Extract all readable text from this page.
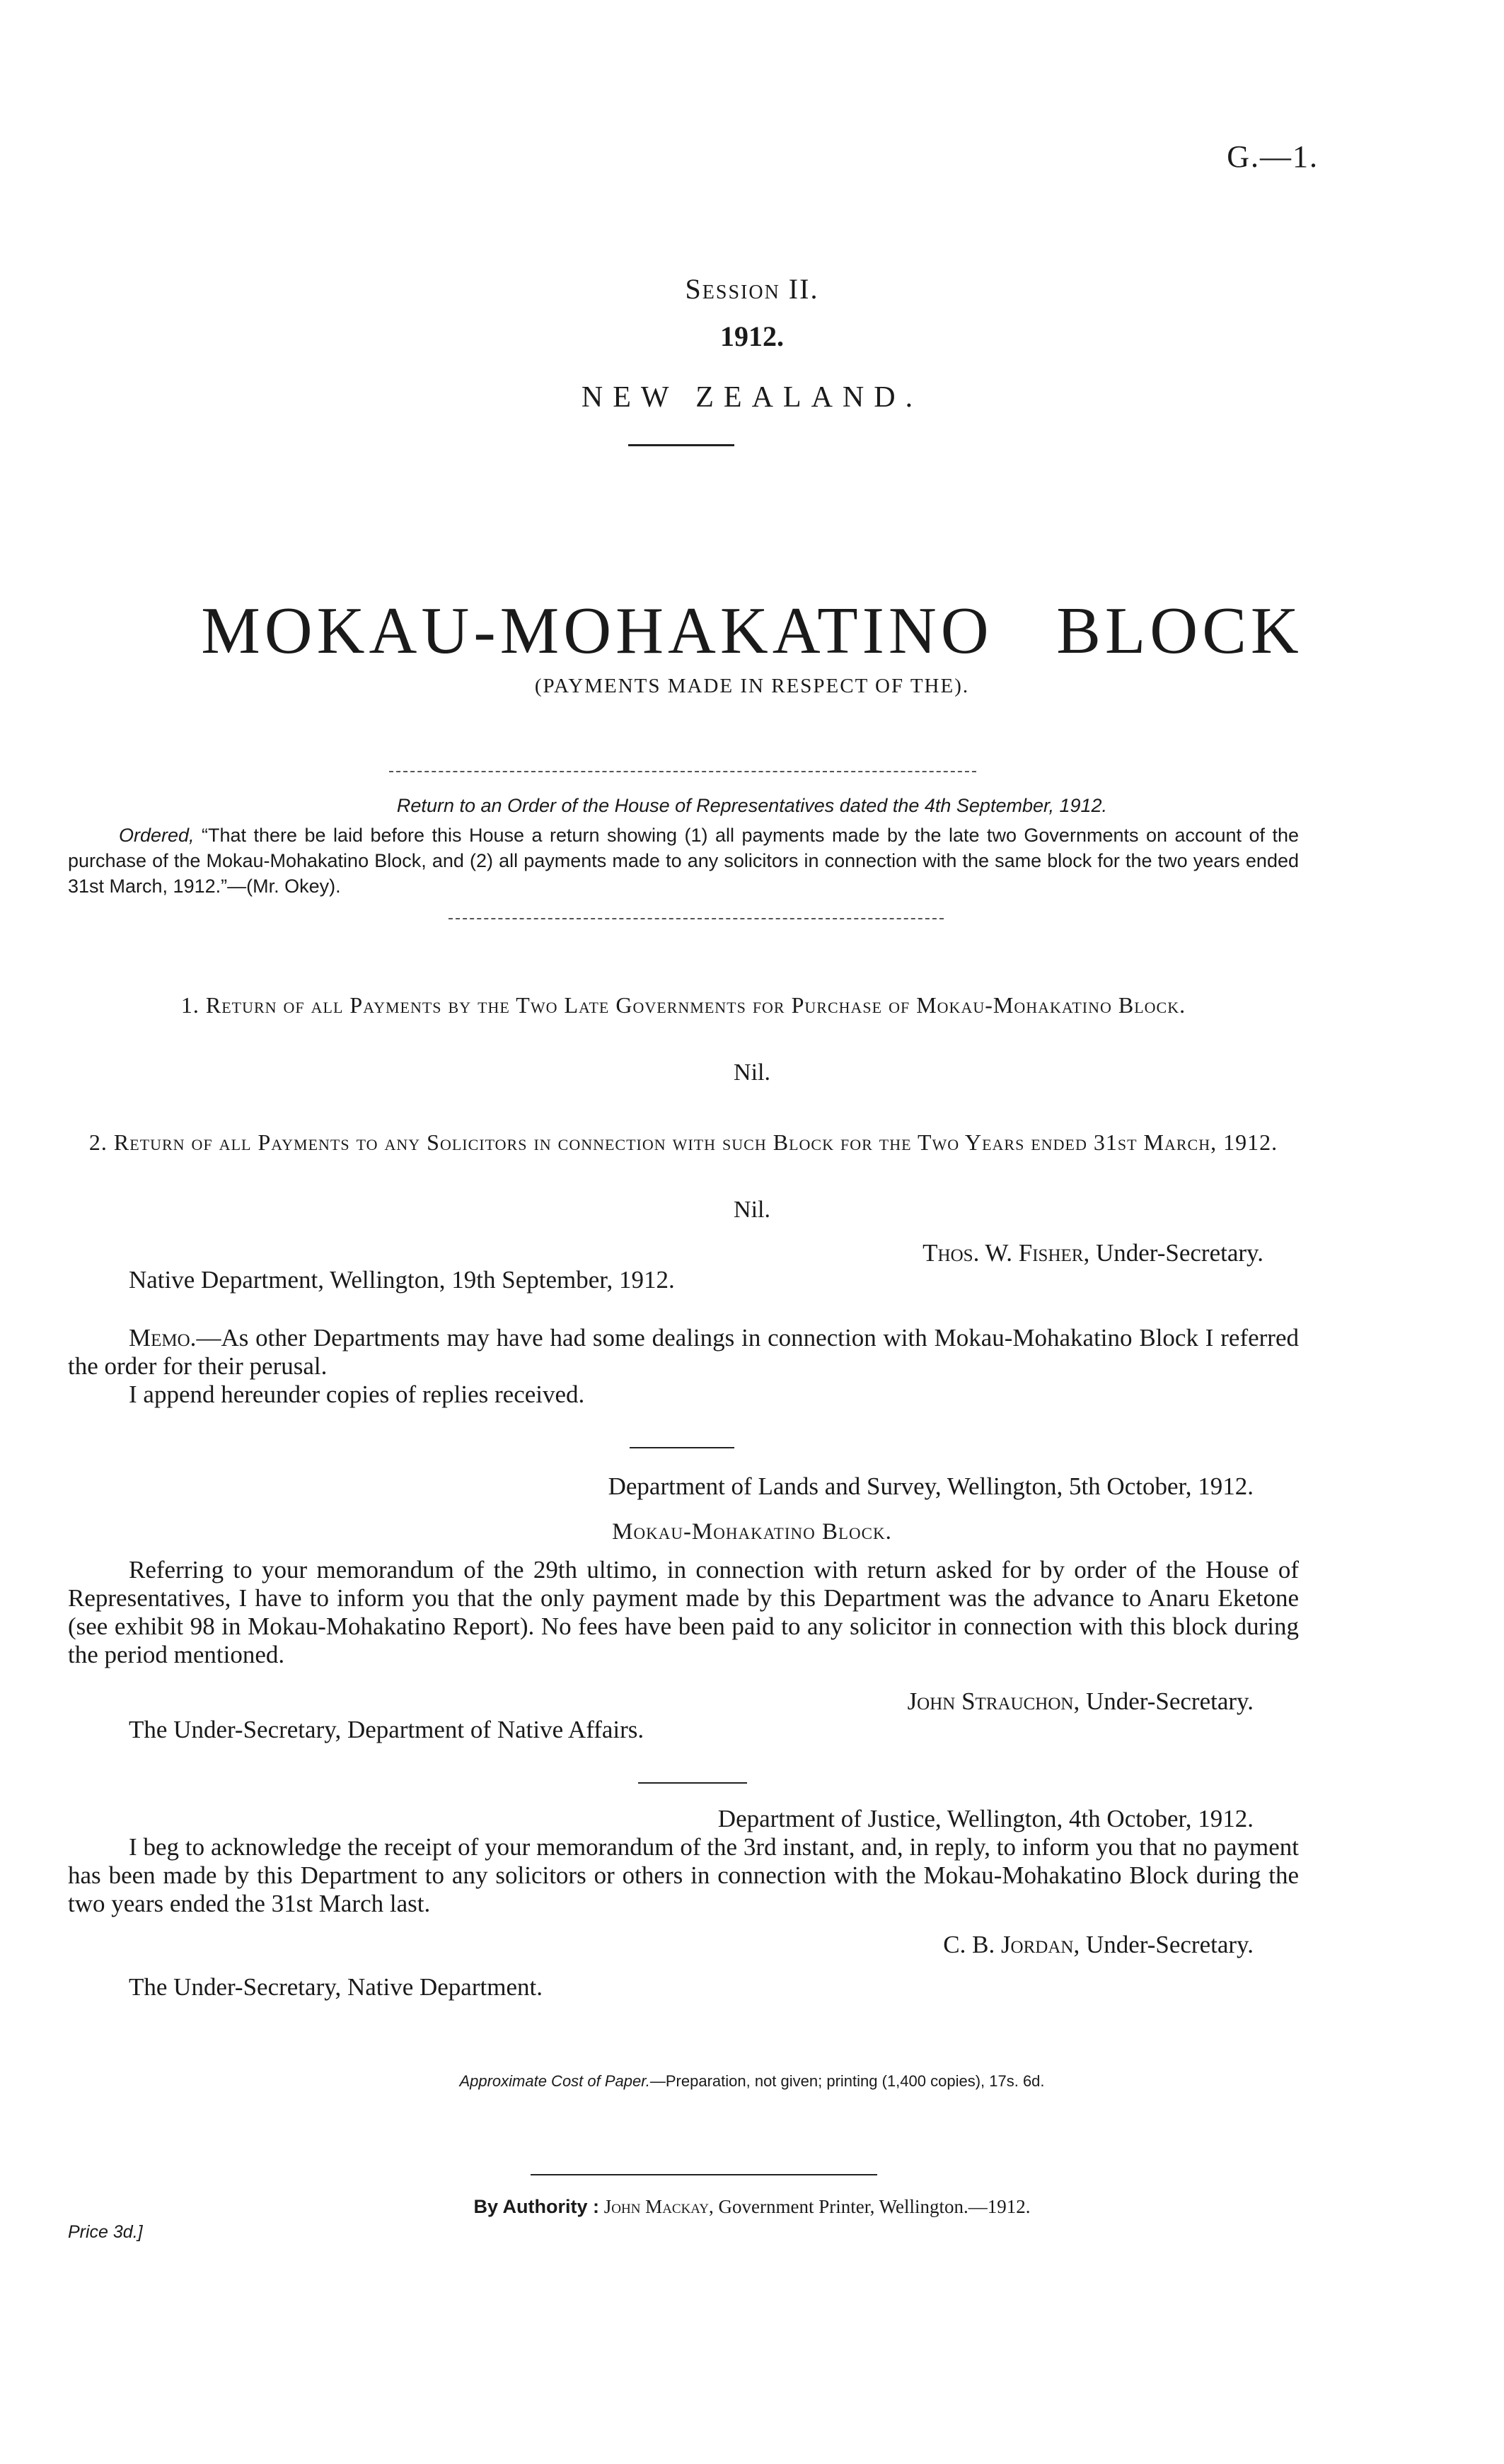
G.—1.
Session II.
1912.
NEW ZEALAND.
MOKAU-MOHAKATINO BLOCK
(PAYMENTS MADE IN RESPECT OF THE).
Return to an Order of the House of Representatives dated the 4th September, 1912.
Ordered, “That there be laid before this House a return showing (1) all payments made by the late two Governments on account of the purchase of the Mokau-Mohakatino Block, and (2) all payments made to any solicitors in connection with the same block for the two years ended 31st March, 1912.”—(Mr. Okey).
1. Return of all Payments by the Two Late Governments for Purchase of Mokau-Mohakatino Block.
Nil.
2. Return of all Payments to any Solicitors in connection with such Block for the Two Years ended 31st March, 1912.
Nil.
Thos. W. Fisher, Under-Secretary.
Native Department, Wellington, 19th September, 1912.
Memo.—As other Departments may have had some dealings in connection with Mokau-Mohakatino Block I referred the order for their perusal.
I append hereunder copies of replies received.
Department of Lands and Survey, Wellington, 5th October, 1912.
Mokau-Mohakatino Block.

Referring to your memorandum of the 29th ultimo, in connection with return asked for by order of the House of Representatives, I have to inform you that the only payment made by this Department was the advance to Anaru Eketone (see exhibit 98 in Mokau-Mohakatino Report). No fees have been paid to any solicitor in connection with this block during the period mentioned.

John Strauchon, Under-Secretary.
The Under-Secretary, Department of Native Affairs.
Department of Justice, Wellington, 4th October, 1912.

I beg to acknowledge the receipt of your memorandum of the 3rd instant, and, in reply, to inform you that no payment has been made by this Department to any solicitors or others in connection with the Mokau-Mohakatino Block during the two years ended the 31st March last.

C. B. Jordan, Under-Secretary.
The Under-Secretary, Native Department.
Approximate Cost of Paper.—Preparation, not given; printing (1,400 copies), 17s. 6d.
By Authority : John Mackay, Government Printer, Wellington.—1912.
Price 3d.]
